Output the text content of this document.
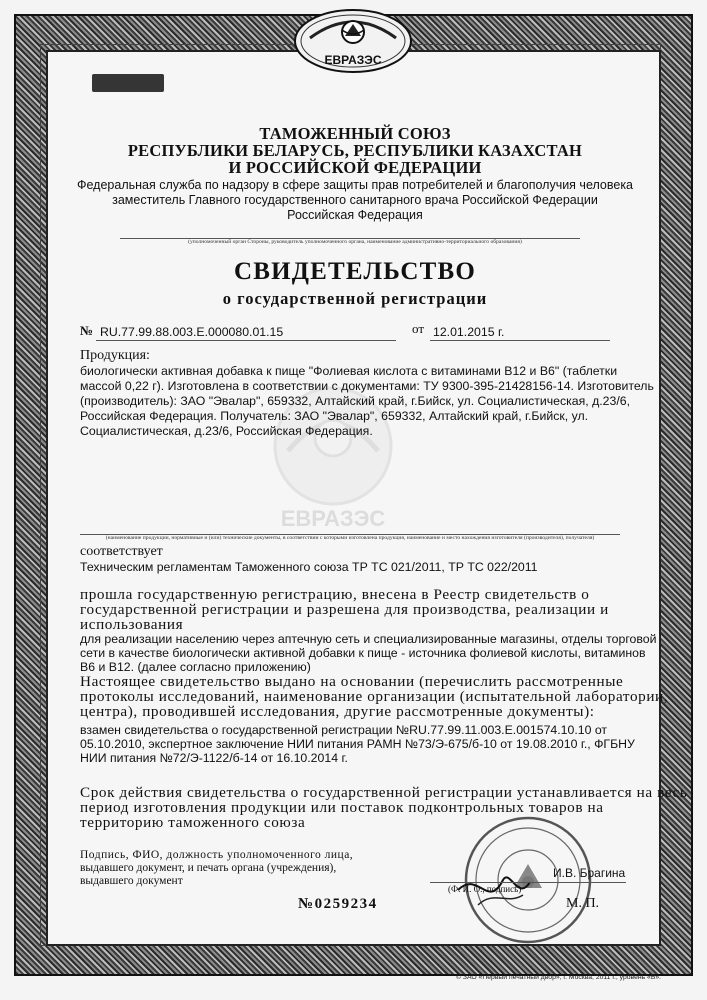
ЕВРАЗЭС
ТАМОЖЕННЫЙ СОЮЗ
РЕСПУБЛИКИ БЕЛАРУСЬ, РЕСПУБЛИКИ КАЗАХСТАН
И РОССИЙСКОЙ ФЕДЕРАЦИИ
Федеральная служба по надзору в сфере защиты прав потребителей и благополучия человека
заместитель Главного государственного санитарного врача Российской Федерации
Российская Федерация
(уполномоченный орган Стороны, руководитель уполномоченного органа, наименование административно-территориального образования)
СВИДЕТЕЛЬСТВО
о государственной регистрации
№ RU.77.99.88.003.E.000080.01.15	от 12.01.2015 г.
ЕВРАЗЭС
Продукция:
биологически активная добавка к пище "Фолиевая кислота с витаминами В12 и В6" (таблетки
массой 0,22 г). Изготовлена в соответствии с документами: ТУ 9300-395-21428156-14. Изготовитель
(производитель): ЗАО "Эвалар", 659332, Алтайский край, г.Бийск, ул. Социалистическая, д.23/6,
Российская Федерация. Получатель: ЗАО "Эвалар", 659332, Алтайский край, г.Бийск, ул.
Социалистическая, д.23/6, Российская Федерация.
(наименование продукции, нормативные и (или) технические документы, в соответствии с которыми изготовлена продукция, наименование и место нахождения изготовителя (производителя), получателя)
соответствует
Техническим регламентам Таможенного союза ТР ТС 021/2011, ТР ТС 022/2011
прошла государственную регистрацию, внесена в Реестр свидетельств о
государственной регистрации и разрешена для производства, реализации и
использования
для реализации населению через аптечную сеть и специализированные магазины, отделы торговой
сети в качестве биологически активной добавки к пище - источника фолиевой кислоты, витаминов
В6 и В12. (далее согласно приложению)
Настоящее свидетельство выдано на основании (перечислить рассмотренные
протоколы исследований, наименование организации (испытательной лаборатории,
центра), проводившей исследования, другие рассмотренные документы):
взамен свидетельства о государственной регистрации №RU.77.99.11.003.Е.001574.10.10 от
05.10.2010, экспертное заключение НИИ питания РАМН №73/Э-675/б-10 от 19.08.2010 г., ФГБНУ
НИИ питания №72/Э-1122/б-14 от 16.10.2014 г.
Срок действия свидетельства о государственной регистрации устанавливается на весь
период изготовления продукции или поставок подконтрольных товаров на
территорию таможенного союза
Подпись, ФИО, должность уполномоченного лица,
выдавшего документ, и печать органа (учреждения),
выдавшего документ
И.В. Брагина
(Ф. И. О., подпись)
№0259234	М. П.
© ЗАО «Первый печатный двор», г. Москва, 2011 г., уровень «В».
